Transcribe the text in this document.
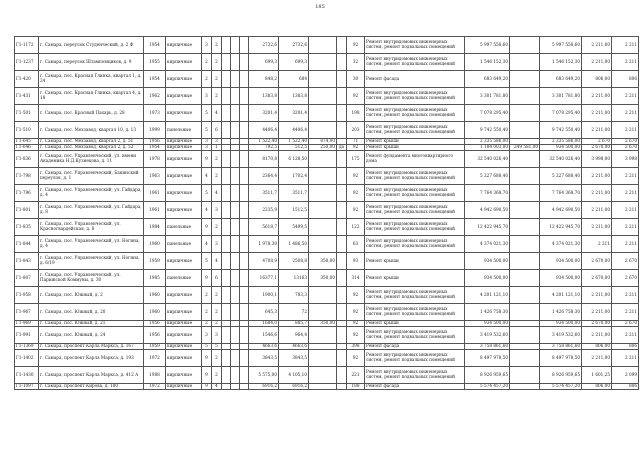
185
Г1-1172	г. Самара, переулок Студенческий, д. 2 Ф	1954	кирпичные	3	2				2732,6	2732,6			92	Ремонт внутридомовых инженерных систем, ремонт подвальных помещений	5 997 558,60		5 997 558,60	2 211,00	2 211
Г1-1237	г. Самара, переулок Штамповщиков, д. 9	1955	кирпичные	2	2				699,3	699,3			32	Ремонт внутридомовых инженерных систем, ремонт подвальных помещений	1 546 152,30		1 546 152,30	2 211,00	2 211
Г1-420	г. Самара, пос. Красная Глинка, квартал 1, д. 24	1954	кирпичные	2	2				848,2	684			30	Ремонт фасада	683 649,20		683 649,20	806,00	806
Г1-431	г. Самара, пос. Красная Глинка, квартал 4, д. 18	1962	кирпичные	3	2				1383,8	1383,8			92	Ремонт внутридомовых инженерных систем, ремонт подвальных помещений	3 301 781,80		3 301 781,80	2 211,00	2 211
Г1-501	г. Самара, пос. Красный Пахарь, д. 28	1973	кирпичные	5	4				3201,4	3201,4			198	Ремонт внутридомовых инженерных систем, ремонт подвальных помещений	7 078 295,40		7 078 295,40	2 211,00	2 211
Г1-510	г. Самара, пос. Мехзавод, квартал 10, д. 13	1999	панельные	5	6				4406,4	4406,4			203	Ремонт внутридомовых инженерных систем, ремонт подвальных помещений	9 742 550,40		9 742 550,40	2 211,00	2 211
Г1-645	г. Самара, пос. Мехзавод, квартал 2, д. 51	1956	кирпичные	3	3				1 522,40	1 522,40	874,00		71	Ремонт крыши	2 335 586,00		2 335 586,00	2 670	2 670
Г1-646	г. Самара, пос. Мехзавод, квартал 2, д. 52	1954	кирпичные	3	1				792,5	512,5	250,00	да	92	Ремонт крыши	1 184 003,00	249 581,00	934 500,00	2 670,00	2 670
Г1-836	г. Самара, пос. Управленческий, ул. имени Академика Н.Д.Кузнецова, д. 11	1978	кирпичные	9	2				8170,8	6 128,50			175	Ремонт фундамента многоквартирного дома	32 540 026,40		32 540 026,40	3 998,00	3 998
Г1-798	г. Самара, пос. Управленческий, Бакинский переулок, д. 1	1963	кирпичные	4	2				2364,4	1702,4			92	Ремонт внутридомовых инженерных систем, ремонт подвальных помещений	5 227 688,40		5 227 688,40	2 211,00	2 211
Г1-796	г. Самара, пос. Управленческий, ул. Гайдара, д. 4	1961	кирпичные	5	4				3511,7	3511,7			92	Ремонт внутридомовых инженерных систем, ремонт подвальных помещений	7 764 368,70		7 764 368,70	2 211,00	2 211
Г1-801	г. Самара, пос. Управленческий, ул. Гайдара, д. 8	1961	кирпичные	4	3				2235,9	1512,5			92	Ремонт внутридомовых инженерных систем, ремонт подвальных помещений	4 942 690,50		4 942 690,50	2 211,00	2 211
Г1-835	г. Самара, пос. Управленческий, ул. Красногвардейская, д. 8	1984	панельные	9	2				5618,7	5499,5			122	Ремонт внутридомовых инженерных систем, ремонт подвальных помещений	12 422 945,70		12 422 945,70	2 211,00	2 211
Г1-844	г. Самара, пос. Управленческий, ул. Ногина, д. 4	1960	панельные	4	3				1 978,30	1 486,50			63	Ремонт внутридомовых инженерных систем, ремонт подвальных помещений	4 374 021,30		4 374 021,30	2 211	2 211
Г1-843	г. Самара, пос. Управленческий, ул. Ногина, д. 6/19	1959	кирпичные	5	4				4708,9	2508,8	350,00		93	Ремонт крыши	934 500,00		934 500,00	2 670,00	2 670
Г1-807	г. Самара, пос. Управленческий, ул. Парижской Коммуны, д. 30	1985	панельные	9	6				16377,1	13163	350,00		314	Ремонт крыши	934 500,00		934 500,00	2 670,00	2 670
Г1-958	г. Самара, пос. Южный, д. 2	1960	кирпичные	2	2				1900,1	783,3			92	Ремонт внутридомовых инженерных систем, ремонт подвальных помещений	4 201 121,10		4 201 121,10	2 211,00	2 211
Г1-967	г. Самара, пос. Южный, д. 20	1960	кирпичные	2	2				645,3	72			92	Ремонт внутридомовых инженерных систем, ремонт подвальных помещений	1 426 758,30		1 426 758,30	2 211,00	2 211
Г1-969	г. Самара, пос. Южный, д. 21	1956	кирпичные	2	2				1684,0	885,7	350,00		92	Ремонт крыши	934 500,00		934 500,00	2 670,00	2 670
Г1-991	г. Самара, пос. Южный, д. 24	1956	кирпичные	3	3				1546,6	964,4			92	Ремонт внутридомовых инженерных систем, ремонт подвальных помещений	3 419 532,60		3 419 532,60	2 211,00	2 211
Г1-1369	г. Самара, проспект Карла Маркса, д. 167	1959	кирпичные	5	5				4663,6	4663,6			398	Ремонт фасада	3 758 861,60		3 758 861,60	806,00	806
Г1-1402	г. Самара, проспект Карла Маркса, д. 193	1972	кирпичные	9	2				3843,5	3843,5			92	Ремонт внутридомовых инженерных систем, ремонт подвальных помещений	8 497 978,50		8 497 978,50	2 211,00	2 211
Г1-1430	г. Самара, проспект Карла Маркса, д. 412 А	1988	кирпичные	9	2				5 575,00	4 105,10			221	Ремонт внутридомовых инженерных систем, ремонт подвальных помещений	8 926 959,65		8 926 959,65	1 601,25	2 099
Г1-1097	г. Самара, проспект Кирова, д. 180	1972	кирпичные	9	4				6916,2	6916,2			188	Ремонт фасада	5 574 457,20		5 574 457,20	806,00	806
